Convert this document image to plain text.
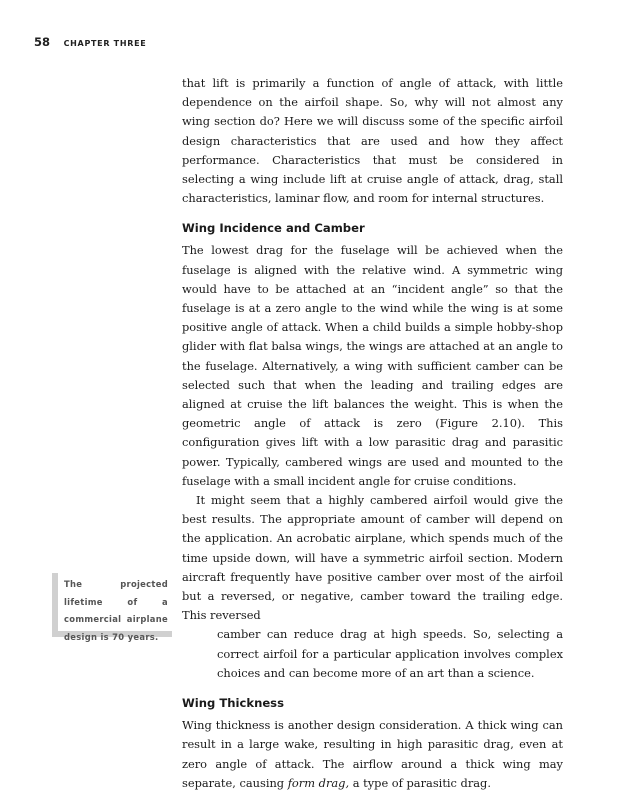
58 CHAPTER THREE

that lift is primarily a function of angle of attack, with little dependence on the airfoil shape. So, why will not almost any wing section do? Here we will discuss some of the specific airfoil design characteristics that are used and how they affect performance. Characteristics that must be considered in selecting a wing include lift at cruise angle of attack, drag, stall characteristics, laminar flow, and room for internal structures.

Wing Incidence and Camber

The lowest drag for the fuselage will be achieved when the fuselage is aligned with the relative wind. A symmetric wing would have to be attached at an “incident angle” so that the fuselage is at a zero angle to the wind while the wing is at some positive angle of attack. When a child builds a simple hobby-shop glider with flat balsa wings, the wings are attached at an angle to the fuselage. Alternatively, a wing with sufficient camber can be selected such that when the leading and trailing edges are aligned at cruise the lift balances the weight. This is when the geometric angle of attack is zero (Figure 2.10). This configuration gives lift with a low parasitic drag and parasitic power. Typically, cambered wings are used and mounted to the fuselage with a small incident angle for cruise conditions.

It might seem that a highly cambered airfoil would give the best results. The appropriate amount of camber will depend on the application. An acrobatic airplane, which spends much of the time upside down, will have a symmetric airfoil section. Modern aircraft frequently have positive camber over most of the airfoil but a reversed, or negative, camber toward the trailing edge. This reversed

camber can reduce drag at high speeds. So, selecting a correct airfoil for a particular application involves complex choices and can become more of an art than a science.

Wing Thickness

Wing thickness is another design consideration. A thick wing can result in a large wake, resulting in high parasitic drag, even at zero angle of attack. The airflow around a thick wing may separate, causing form drag, a type of parasitic drag.

The projected lifetime of a commercial airplane design is 70 years.
